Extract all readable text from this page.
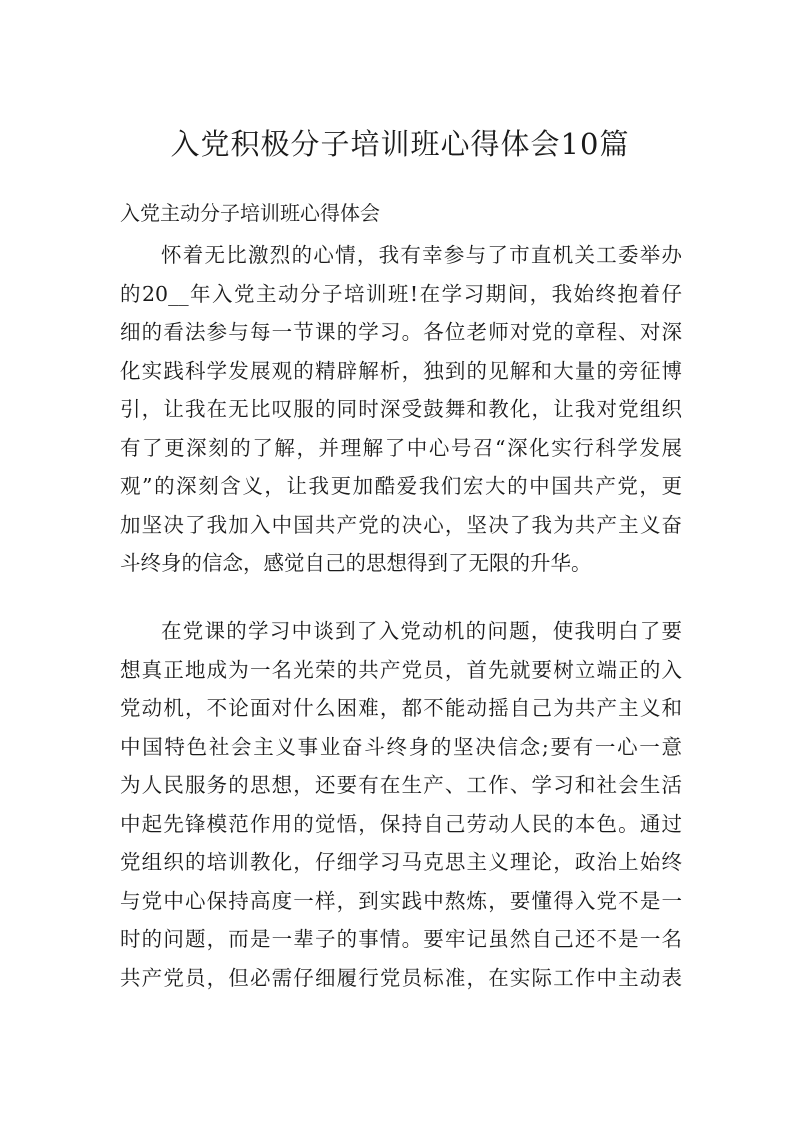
入党积极分子培训班心得体会10篇

入党主动分子培训班心得体会

怀着无比激烈的心情，我有幸参与了市直机关工委举办
的20__年入党主动分子培训班!在学习期间，我始终抱着仔
细的看法参与每一节课的学习。各位老师对党的章程、对深
化实践科学发展观的精辟解析，独到的见解和大量的旁征博
引，让我在无比叹服的同时深受鼓舞和教化，让我对党组织
有了更深刻的了解，并理解了中心号召“深化实行科学发展
观”的深刻含义，让我更加酷爱我们宏大的中国共产党，更
加坚决了我加入中国共产党的决心，坚决了我为共产主义奋
斗终身的信念，感觉自己的思想得到了无限的升华。
在党课的学习中谈到了入党动机的问题，使我明白了要
想真正地成为一名光荣的共产党员，首先就要树立端正的入
党动机，不论面对什么困难，都不能动摇自己为共产主义和
中国特色社会主义事业奋斗终身的坚决信念;要有一心一意
为人民服务的思想，还要有在生产、工作、学习和社会生活
中起先锋模范作用的觉悟，保持自己劳动人民的本色。通过
党组织的培训教化，仔细学习马克思主义理论，政治上始终
与党中心保持高度一样，到实践中熬炼，要懂得入党不是一
时的问题，而是一辈子的事情。要牢记虽然自己还不是一名
共产党员，但必需仔细履行党员标准，在实际工作中主动表
